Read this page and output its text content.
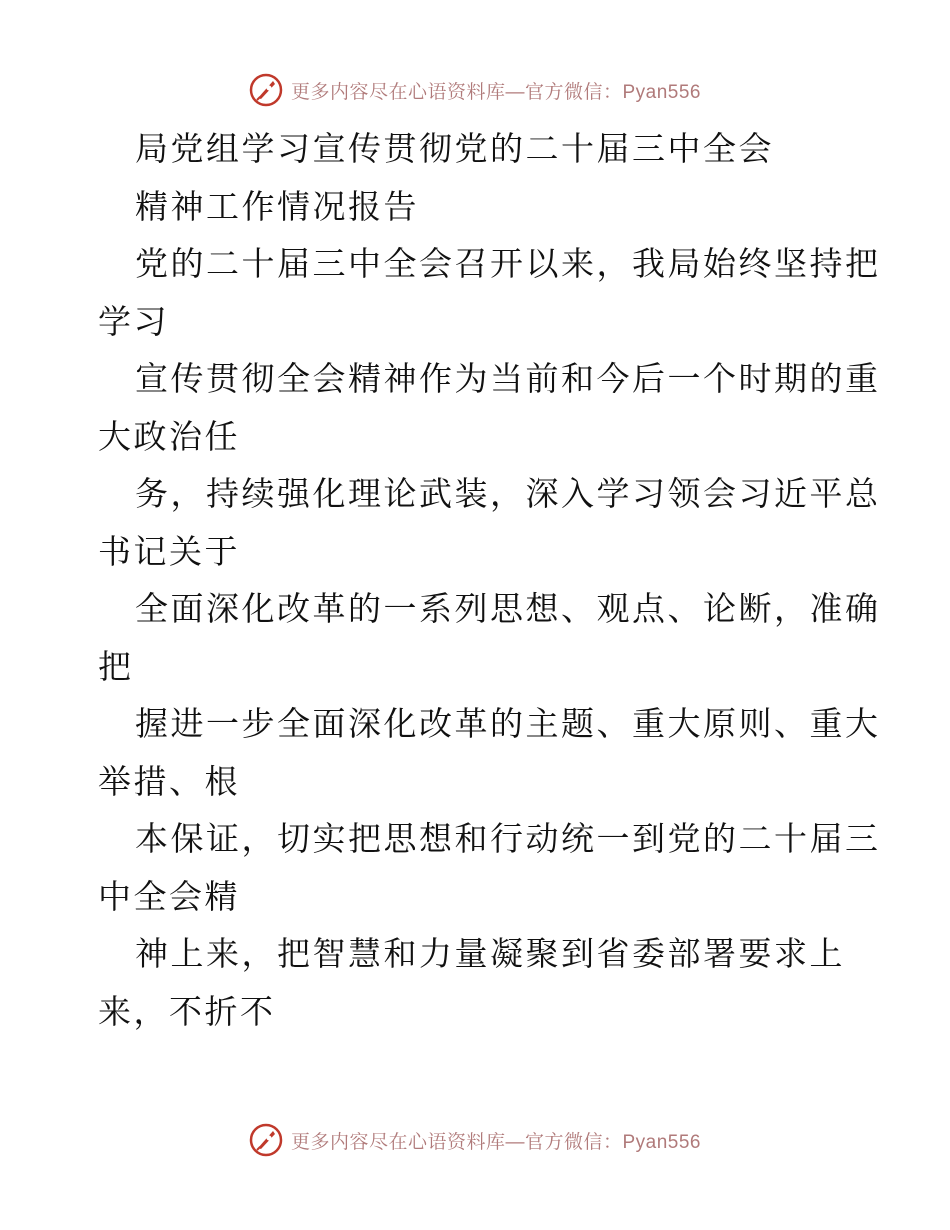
更多内容尽在心语资料库—官方微信：Pyan556
局党组学习宣传贯彻党的二十届三中全会
精神工作情况报告
党的二十届三中全会召开以来，我局始终坚持把
学习
宣传贯彻全会精神作为当前和今后一个时期的重
大政治任
务，持续强化理论武装，深入学习领会习近平总
书记关于
全面深化改革的一系列思想、观点、论断，准确
把
握进一步全面深化改革的主题、重大原则、重大
举措、根
本保证，切实把思想和行动统一到党的二十届三
中全会精
神上来，把智慧和力量凝聚到省委部署要求上
来，不折不
更多内容尽在心语资料库—官方微信：Pyan556
